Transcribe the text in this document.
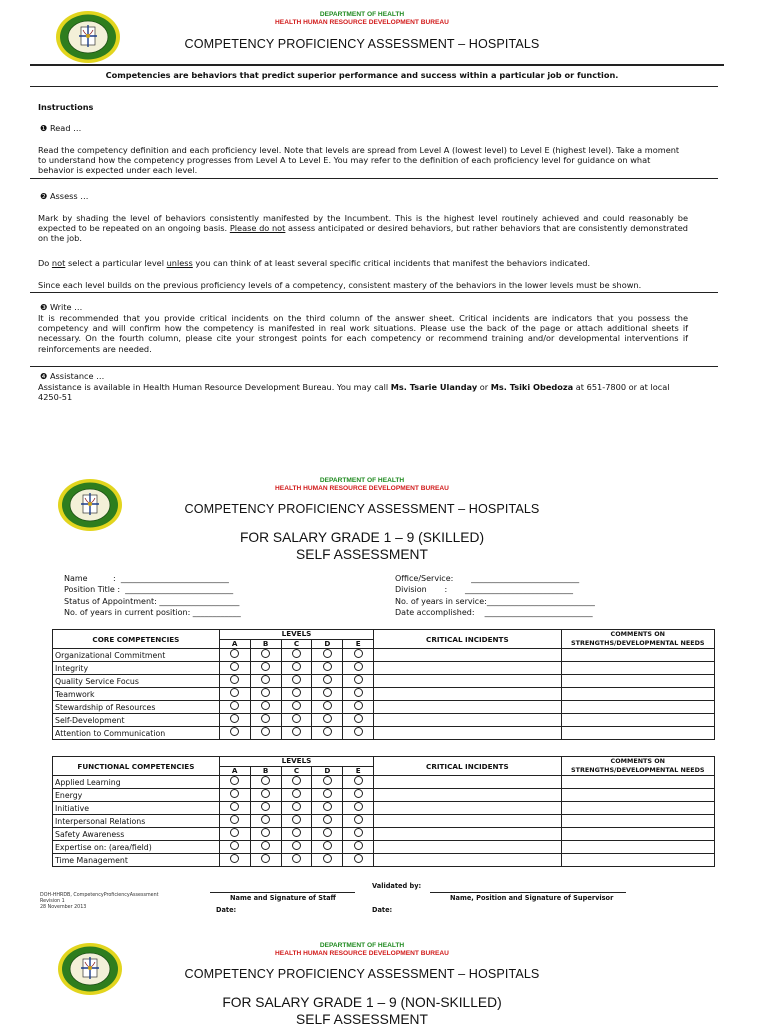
DEPARTMENT OF HEALTH
HEALTH HUMAN RESOURCE DEVELOPMENT BUREAU
COMPETENCY PROFICIENCY ASSESSMENT – HOSPITALS
Competencies are behaviors that predict superior performance and success within a particular job or function.
Instructions
❶ Read …
Read the competency definition and each proficiency level. Note that levels are spread from Level A (lowest level) to Level E (highest level). Take a moment to understand how the competency progresses from Level A to Level E. You may refer to the definition of each proficiency level for guidance on what behavior is expected under each level.
❷ Assess …
Mark by shading the level of behaviors consistently manifested by the Incumbent. This is the highest level routinely achieved and could reasonably be expected to be repeated on an ongoing basis. Please do not assess anticipated or desired behaviors, but rather behaviors that are consistently demonstrated on the job.
Do not select a particular level unless you can think of at least several specific critical incidents that manifest the behaviors indicated.
Since each level builds on the previous proficiency levels of a competency, consistent mastery of the behaviors in the lower levels must be shown.
❸ Write …
It is recommended that you provide critical incidents on the third column of the answer sheet. Critical incidents are indicators that you possess the competency and will confirm how the competency is manifested in real work situations. Please use the back of the page or attach additional sheets if necessary. On the fourth column, please cite your strongest points for each competency or recommend training and/or developmental interventions if reinforcements are needed.
❹ Assistance …
Assistance is available in Health Human Resource Development Bureau. You may call Ms. Tsarie Ulanday or Ms. Tsiki Obedoza at 651-7800 or at local 4250-51
DEPARTMENT OF HEALTH
HEALTH HUMAN RESOURCE DEVELOPMENT BUREAU
COMPETENCY PROFICIENCY ASSESSMENT – HOSPITALS
FOR SALARY GRADE 1 – 9 (SKILLED)
SELF ASSESSMENT
Name          :  ___________________________
Position Title :  ___________________________
Status of Appointment: ____________________
No. of years in current position: ____________
Office/Service:       ___________________________
Division       :       ___________________________
No. of years in service:___________________________
Date accomplished:    ___________________________
CORE COMPETENCIES	LEVELS					CRITICAL INCIDENTS	COMMENTS ON
STRENGTHS/DEVELOPMENTAL NEEDS
	A	B	C	D	E		
Organizational Commitment							
Integrity							
Quality Service Focus							
Teamwork							
Stewardship of Resources							
Self-Development							
Attention to Communication							
FUNCTIONAL COMPETENCIES	LEVELS					CRITICAL INCIDENTS	COMMENTS ON
STRENGTHS/DEVELOPMENTAL NEEDS
	A	B	C	D	E		
Applied Learning							
Energy							
Initiative							
Interpersonal Relations							
Safety Awareness							
Expertise on: (area/field)							
Time Management							
Validated by:
Name and Signature of Staff	Name, Position and Signature of Supervisor
Date:	Date:
DOH-HHRDB, CompetencyProficiencyAssessment
Revision 1
28 November 2013
DEPARTMENT OF HEALTH
HEALTH HUMAN RESOURCE DEVELOPMENT BUREAU
COMPETENCY PROFICIENCY ASSESSMENT – HOSPITALS
FOR SALARY GRADE 1 – 9 (NON-SKILLED)
SELF ASSESSMENT
